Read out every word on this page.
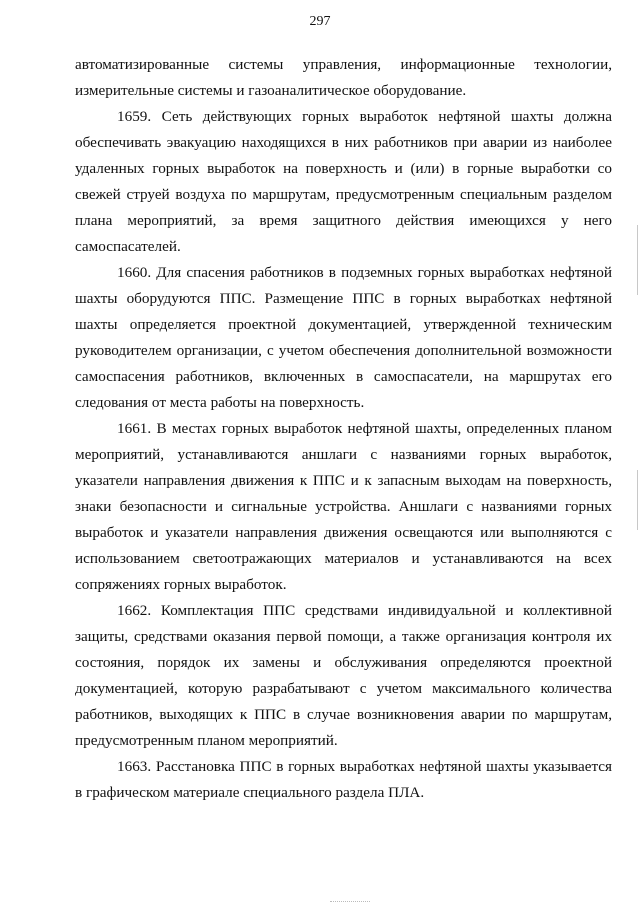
297

автоматизированные системы управления, информационные технологии, измерительные системы и газоаналитическое оборудование.

1659. Сеть действующих горных выработок нефтяной шахты должна обеспечивать эвакуацию находящихся в них работников при аварии из наиболее удаленных горных выработок на поверхность и (или) в горные выработки со свежей струей воздуха по маршрутам, предусмотренным специальным разделом плана мероприятий, за время защитного действия имеющихся у него самоспасателей.

1660. Для спасения работников в подземных горных выработках нефтяной шахты оборудуются ППС. Размещение ППС в горных выработках нефтяной шахты определяется проектной документацией, утвержденной техническим руководителем организации, с учетом обеспечения дополнительной возможности самоспасения работников, включенных в самоспасатели, на маршрутах его следования от места работы на поверхность.

1661. В местах горных выработок нефтяной шахты, определенных планом мероприятий, устанавливаются аншлаги с названиями горных выработок, указатели направления движения к ППС и к запасным выходам на поверхность, знаки безопасности и сигнальные устройства. Аншлаги с названиями горных выработок и указатели направления движения освещаются или выполняются с использованием светоотражающих материалов и устанавливаются на всех сопряжениях горных выработок.

1662. Комплектация ППС средствами индивидуальной и коллективной защиты, средствами оказания первой помощи, а также организация контроля их состояния, порядок их замены и обслуживания определяются проектной документацией, которую разрабатывают с учетом максимального количества работников, выходящих к ППС в случае возникновения аварии по маршрутам, предусмотренным планом мероприятий.

1663. Расстановка ППС в горных выработках нефтяной шахты указывается в графическом материале специального раздела ПЛА.
